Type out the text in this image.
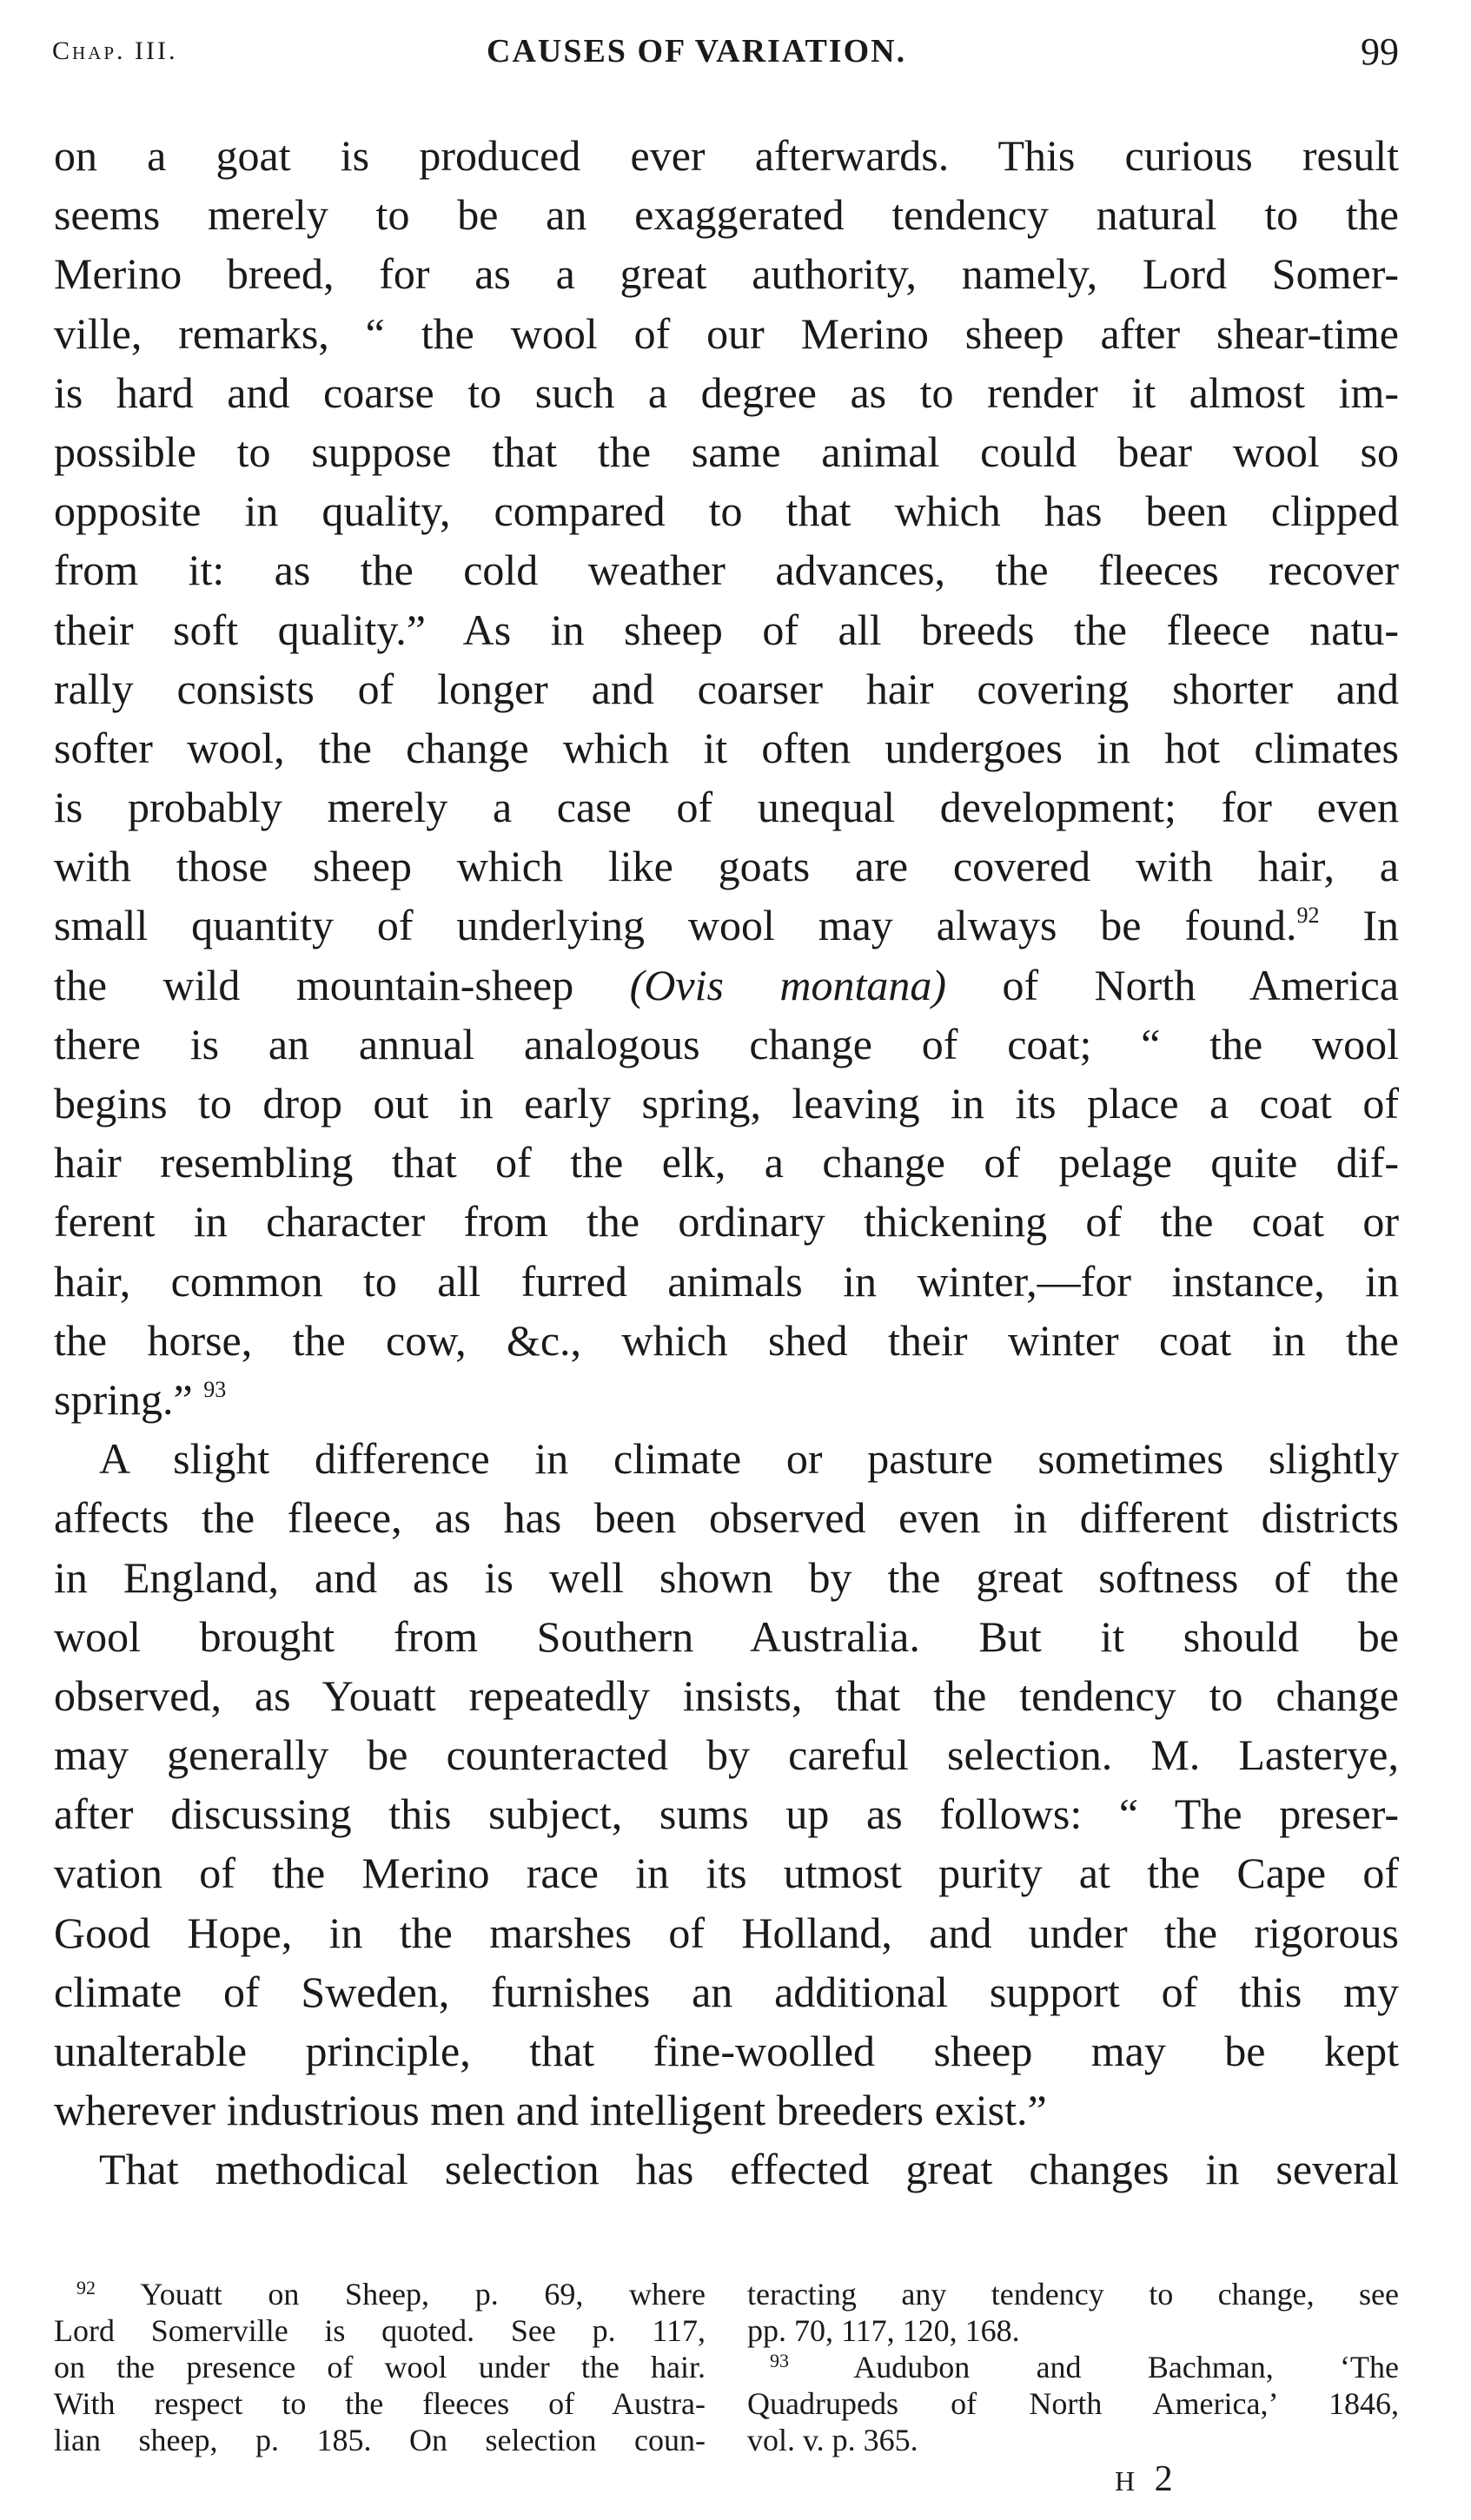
Chap. III.	CAUSES OF VARIATION.	99
on a goat is produced ever afterwards. This curious result
seems merely to be an exaggerated tendency natural to the
Merino breed, for as a great authority, namely, Lord Somer-
ville, remarks, “ the wool of our Merino sheep after shear-time
is hard and coarse to such a degree as to render it almost im-
possible to suppose that the same animal could bear wool so
opposite in quality, compared to that which has been clipped
from it: as the cold weather advances, the fleeces recover
their soft quality.” As in sheep of all breeds the fleece natu-
rally consists of longer and coarser hair covering shorter and
softer wool, the change which it often undergoes in hot climates
is probably merely a case of unequal development; for even
with those sheep which like goats are covered with hair, a
small quantity of underlying wool may always be found.$^{92}$ In
the wild mountain-sheep (Ovis montana) of North America
there is an annual analogous change of coat; “ the wool
begins to drop out in early spring, leaving in its place a coat of
hair resembling that of the elk, a change of pelage quite dif-
ferent in character from the ordinary thickening of the coat or
hair, common to all furred animals in winter,—for instance, in
the horse, the cow, &c., which shed their winter coat in the
spring.” $^{93}$
A slight difference in climate or pasture sometimes slightly
affects the fleece, as has been observed even in different districts
in England, and as is well shown by the great softness of the
wool brought from Southern Australia. But it should be
observed, as Youatt repeatedly insists, that the tendency to change
may generally be counteracted by careful selection. M. Lasterye,
after discussing this subject, sums up as follows: “ The preser-
vation of the Merino race in its utmost purity at the Cape of
Good Hope, in the marshes of Holland, and under the rigorous
climate of Sweden, furnishes an additional support of this my
unalterable principle, that fine-woolled sheep may be kept
wherever industrious men and intelligent breeders exist.”
That methodical selection has effected great changes in several
$^{92}$ Youatt on Sheep, p. 69, where
Lord Somerville is quoted. See p. 117,
on the presence of wool under the hair.
With respect to the fleeces of Austra-
lian sheep, p. 185. On selection coun-
teracting any tendency to change, see
pp. 70, 117, 120, 168.
$^{93}$ Audubon and Bachman, ‘The
Quadrupeds of North America,’ 1846,
vol. v. p. 365.
H 2
